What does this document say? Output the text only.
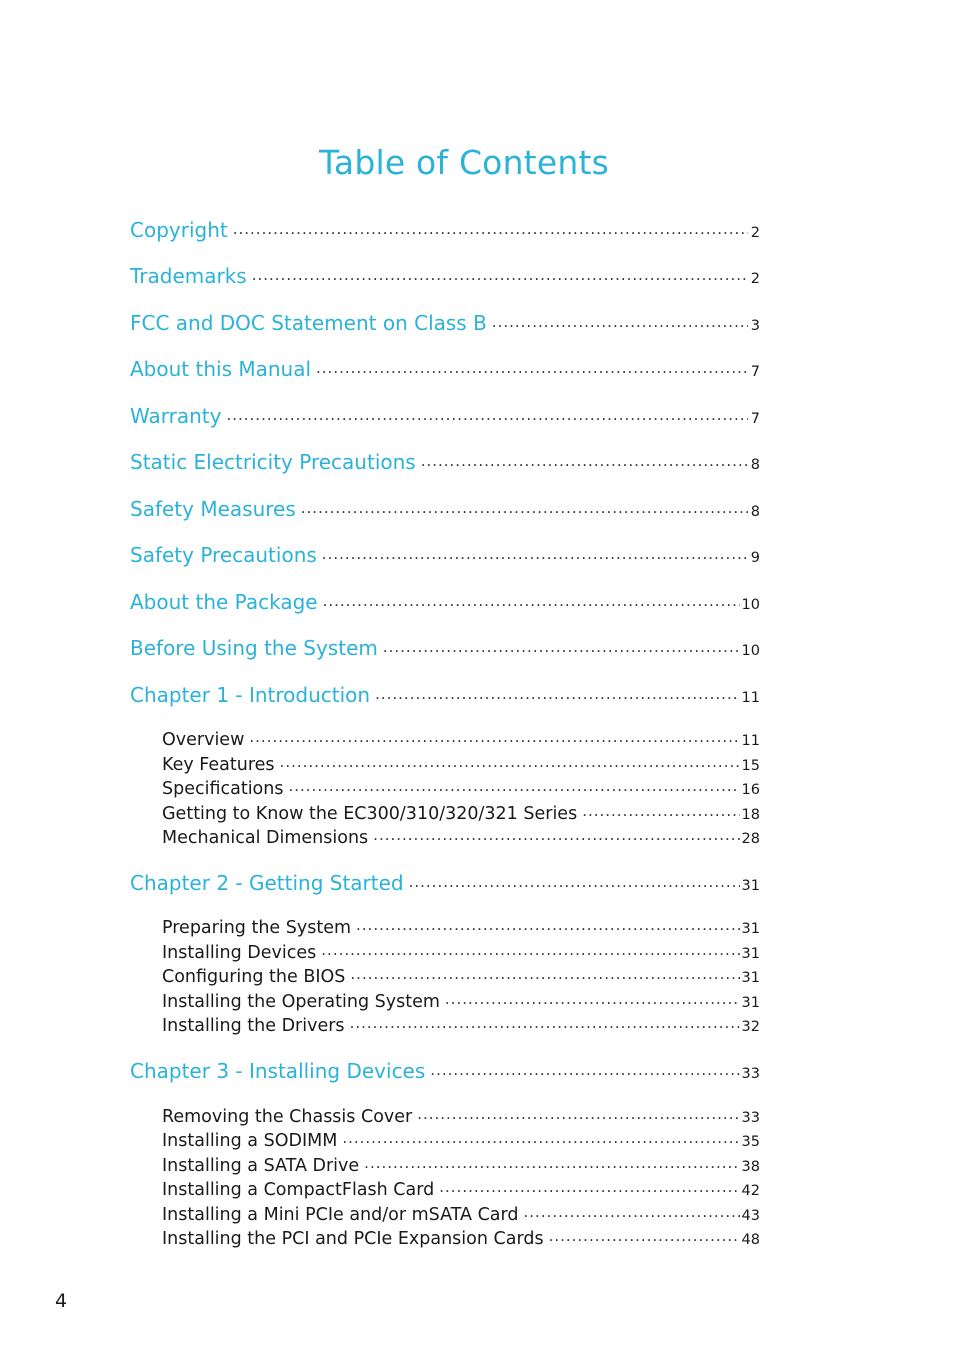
Table of Contents
Copyright .....	2
Trademarks .....	2
FCC and DOC Statement on Class B .....	3
About this Manual .....	7
Warranty .....	7
Static Electricity Precautions .....	8
Safety Measures .....	8
Safety Precautions .....	9
About the Package .....	10
Before Using the System .....	10
Chapter 1 - Introduction .....	11
Overview .....	11
Key Features .....	15
Specifications .....	16
Getting to Know the EC300/310/320/321 Series .....	18
Mechanical Dimensions .....	28
Chapter 2 - Getting Started .....	31
Preparing the System .....	31
Installing Devices .....	31
Configuring the BIOS .....	31
Installing the Operating System .....	31
Installing the Drivers .....	32
Chapter 3 - Installing Devices .....	33
Removing the Chassis Cover .....	33
Installing a SODIMM .....	35
Installing a SATA Drive .....	38
Installing a CompactFlash Card .....	42
Installing a Mini PCIe and/or mSATA Card .....	43
Installing the PCI and PCIe Expansion Cards .....	48
4
